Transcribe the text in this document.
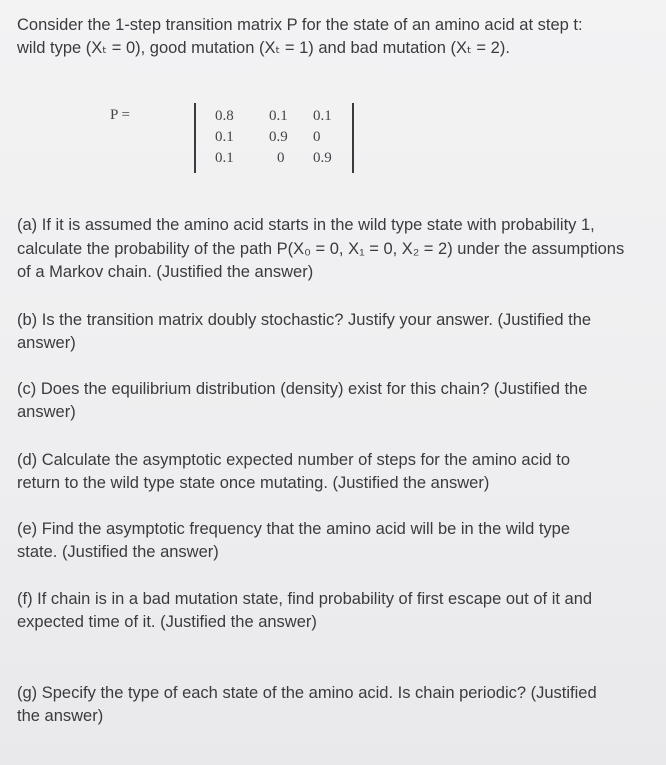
Consider the 1-step transition matrix P for the state of an amino acid at step t:
wild type (Xₜ = 0), good mutation (Xₜ = 1) and bad mutation (Xₜ = 2).
P =	0.8 0.1 0.1
0.1 0.9 0
0.1	0 0.9
(a) If it is assumed the amino acid starts in the wild type state with probability 1,
calculate the probability of the path P(X₀ = 0, X₁ = 0, X₂ = 2) under the assumptions
of a Markov chain. (Justified the answer)
(b) Is the transition matrix doubly stochastic? Justify your answer. (Justified the
answer)
(c) Does the equilibrium distribution (density) exist for this chain? (Justified the
answer)
(d) Calculate the asymptotic expected number of steps for the amino acid to
return to the wild type state once mutating. (Justified the answer)
(e) Find the asymptotic frequency that the amino acid will be in the wild type
state. (Justified the answer)
(f) If chain is in a bad mutation state, find probability of first escape out of it and
expected time of it. (Justified the answer)
(g) Specify the type of each state of the amino acid. Is chain periodic? (Justified
the answer)
